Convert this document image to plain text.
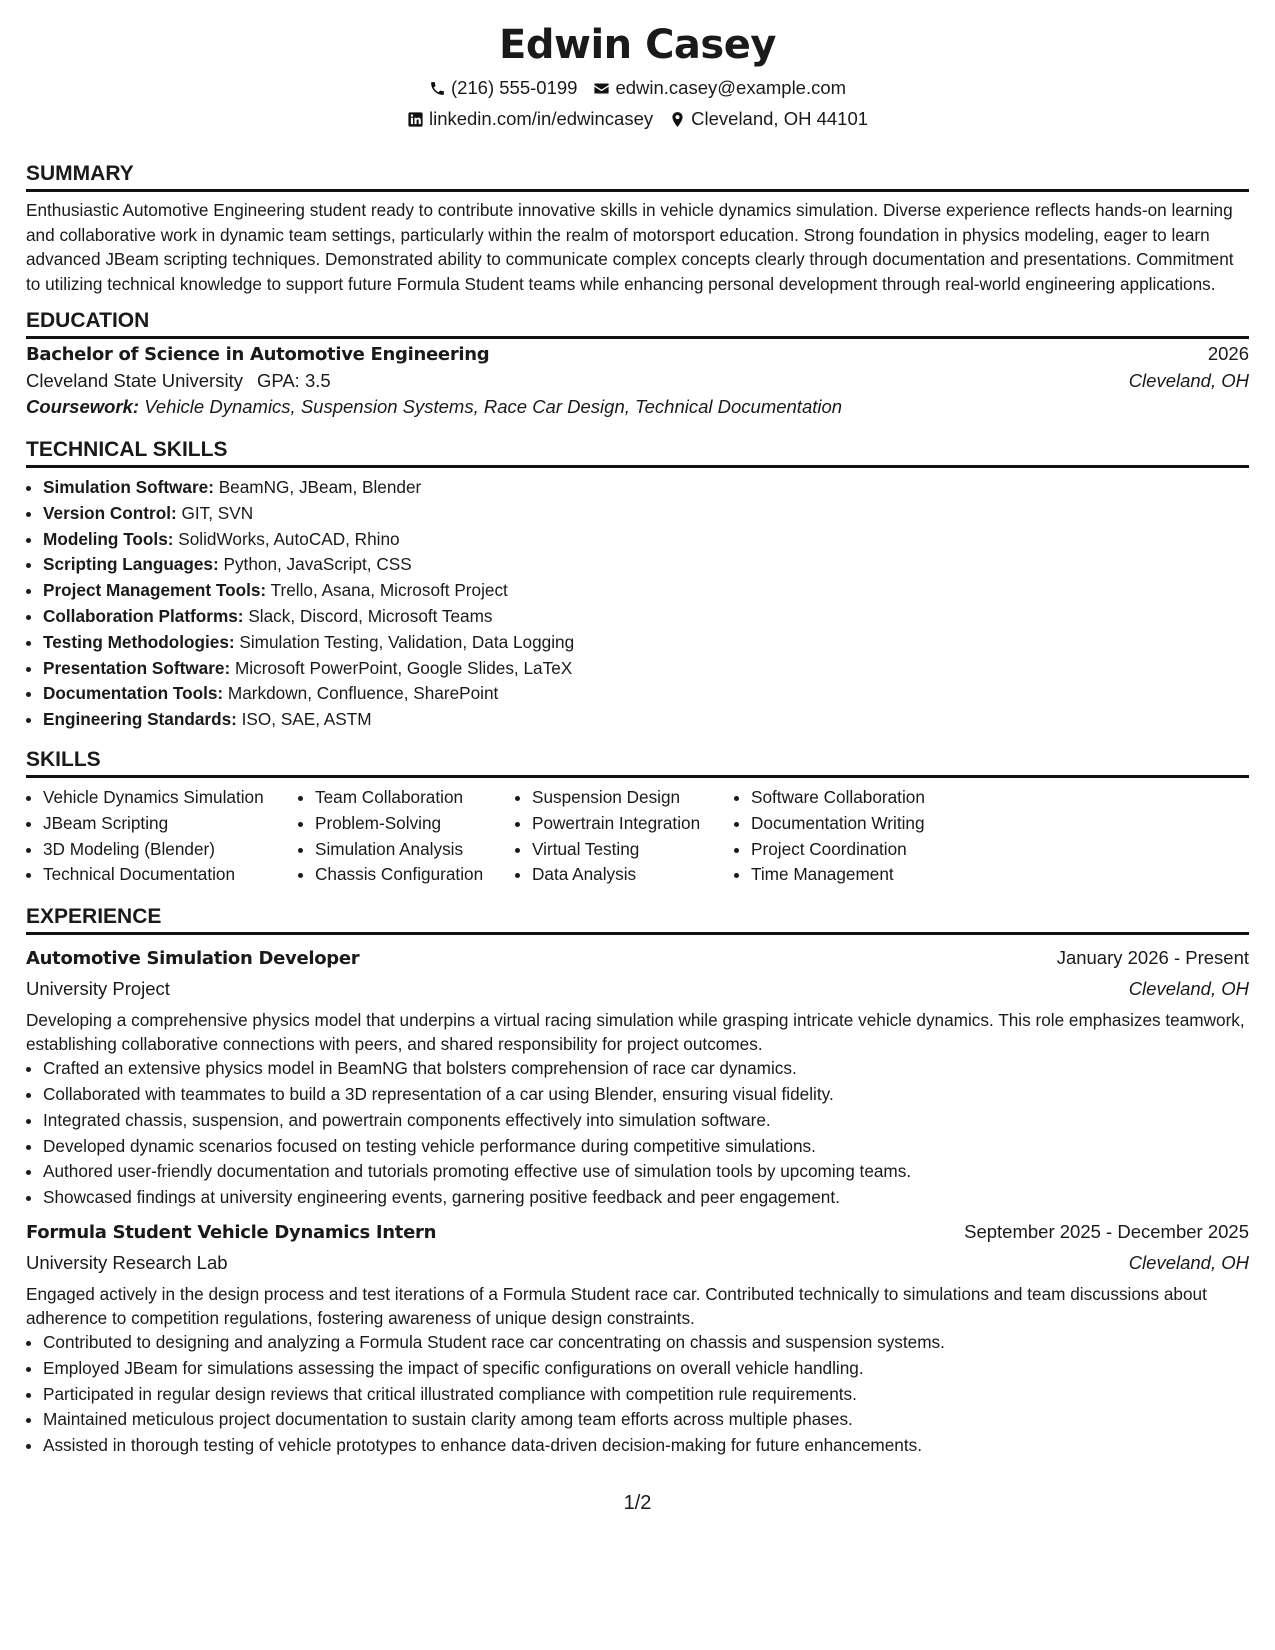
Edwin Casey
(216) 555-0199 edwin.casey@example.com
linkedin.com/in/edwincasey Cleveland, OH 44101
SUMMARY

Enthusiastic Automotive Engineering student ready to contribute innovative skills in vehicle dynamics simulation. Diverse experience reflects hands-on learning and collaborative work in dynamic team settings, particularly within the realm of motorsport education. Strong foundation in physics modeling, eager to learn advanced JBeam scripting techniques. Demonstrated ability to communicate complex concepts clearly through documentation and presentations. Commitment to utilizing technical knowledge to support future Formula Student teams while enhancing personal development through real-world engineering applications.

EDUCATION
Bachelor of Science in Automotive Engineering	2026
Cleveland State University GPA: 3.5	Cleveland, OH
Coursework: Vehicle Dynamics, Suspension Systems, Race Car Design, Technical Documentation
TECHNICAL SKILLS
• Simulation Software: BeamNG, JBeam, Blender
• Version Control: GIT, SVN
• Modeling Tools: SolidWorks, AutoCAD, Rhino
• Scripting Languages: Python, JavaScript, CSS
• Project Management Tools: Trello, Asana, Microsoft Project
• Collaboration Platforms: Slack, Discord, Microsoft Teams
• Testing Methodologies: Simulation Testing, Validation, Data Logging
• Presentation Software: Microsoft PowerPoint, Google Slides, LaTeX
• Documentation Tools: Markdown, Confluence, SharePoint
• Engineering Standards: ISO, SAE, ASTM
SKILLS
• Vehicle Dynamics Simulation
• JBeam Scripting
• 3D Modeling (Blender)
• Technical Documentation
• Team Collaboration
• Problem-Solving
• Simulation Analysis
• Chassis Configuration
• Suspension Design
• Powertrain Integration
• Virtual Testing
• Data Analysis
• Software Collaboration
• Documentation Writing
• Project Coordination
• Time Management
EXPERIENCE
Automotive Simulation Developer	January 2026 - Present
University Project	Cleveland, OH

Developing a comprehensive physics model that underpins a virtual racing simulation while grasping intricate vehicle dynamics. This role emphasizes teamwork, establishing collaborative connections with peers, and shared responsibility for project outcomes.

• Crafted an extensive physics model in BeamNG that bolsters comprehension of race car dynamics.
• Collaborated with teammates to build a 3D representation of a car using Blender, ensuring visual fidelity.
• Integrated chassis, suspension, and powertrain components effectively into simulation software.
• Developed dynamic scenarios focused on testing vehicle performance during competitive simulations.
• Authored user-friendly documentation and tutorials promoting effective use of simulation tools by upcoming teams.
• Showcased findings at university engineering events, garnering positive feedback and peer engagement.
Formula Student Vehicle Dynamics Intern	September 2025 - December 2025
University Research Lab	Cleveland, OH

Engaged actively in the design process and test iterations of a Formula Student race car. Contributed technically to simulations and team discussions about adherence to competition regulations, fostering awareness of unique design constraints.

• Contributed to designing and analyzing a Formula Student race car concentrating on chassis and suspension systems.
• Employed JBeam for simulations assessing the impact of specific configurations on overall vehicle handling.
• Participated in regular design reviews that critical illustrated compliance with competition rule requirements.
• Maintained meticulous project documentation to sustain clarity among team efforts across multiple phases.
• Assisted in thorough testing of vehicle prototypes to enhance data-driven decision-making for future enhancements.
1/2
